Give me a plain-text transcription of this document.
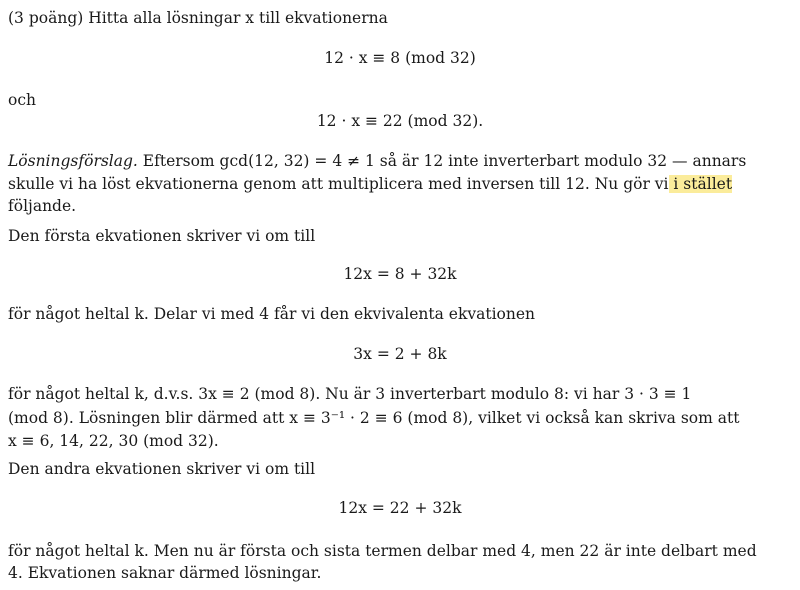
(3 poäng) Hitta alla lösningar x till ekvationerna
12 · x ≡ 8 (mod 32)
och
12 · x ≡ 22 (mod 32).
Lösningsförslag. Eftersom gcd(12, 32) = 4 ≠ 1 så är 12 inte inverterbart modulo 32 — annars
skulle vi ha löst ekvationerna genom att multiplicera med inversen till 12. Nu gör vi i stället
följande.
Den första ekvationen skriver vi om till
12x = 8 + 32k
för något heltal k. Delar vi med 4 får vi den ekvivalenta ekvationen
3x = 2 + 8k
för något heltal k, d.v.s. 3x ≡ 2 (mod 8). Nu är 3 inverterbart modulo 8: vi har 3 · 3 ≡ 1
(mod 8). Lösningen blir därmed att x ≡ 3⁻¹ · 2 ≡ 6 (mod 8), vilket vi också kan skriva som att
x ≡ 6, 14, 22, 30 (mod 32).
Den andra ekvationen skriver vi om till
12x = 22 + 32k
för något heltal k. Men nu är första och sista termen delbar med 4, men 22 är inte delbart med
4. Ekvationen saknar därmed lösningar.
